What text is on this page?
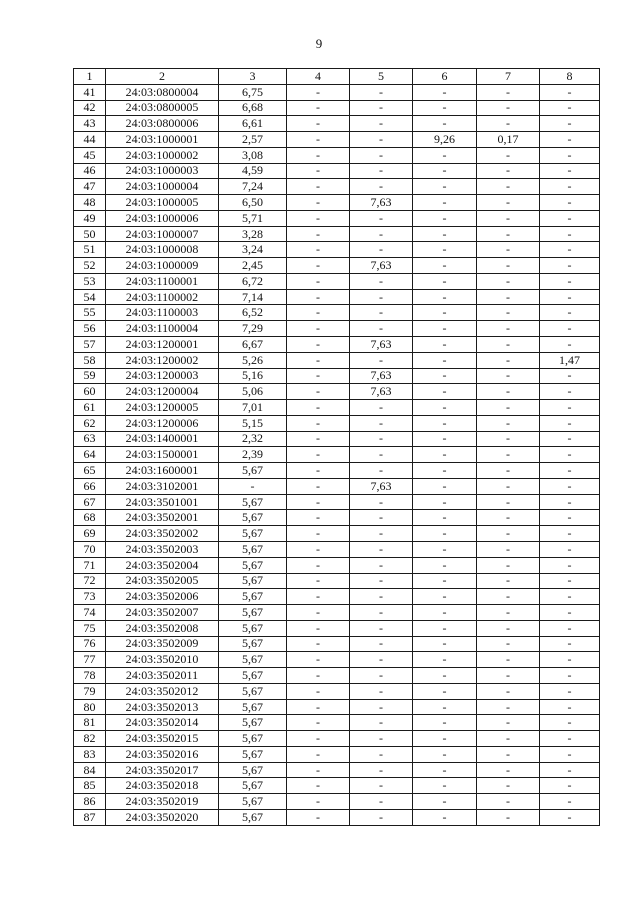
9
1	2	3	4	5	6	7	8
41	24:03:0800004	6,75	-	-	-	-	-
42	24:03:0800005	6,68	-	-	-	-	-
43	24:03:0800006	6,61	-	-	-	-	-
44	24:03:1000001	2,57	-	-	9,26	0,17	-
45	24:03:1000002	3,08	-	-	-	-	-
46	24:03:1000003	4,59	-	-	-	-	-
47	24:03:1000004	7,24	-	-	-	-	-
48	24:03:1000005	6,50	-	7,63	-	-	-
49	24:03:1000006	5,71	-	-	-	-	-
50	24:03:1000007	3,28	-	-	-	-	-
51	24:03:1000008	3,24	-	-	-	-	-
52	24:03:1000009	2,45	-	7,63	-	-	-
53	24:03:1100001	6,72	-	-	-	-	-
54	24:03:1100002	7,14	-	-	-	-	-
55	24:03:1100003	6,52	-	-	-	-	-
56	24:03:1100004	7,29	-	-	-	-	-
57	24:03:1200001	6,67	-	7,63	-	-	-
58	24:03:1200002	5,26	-	-	-	-	1,47
59	24:03:1200003	5,16	-	7,63	-	-	-
60	24:03:1200004	5,06	-	7,63	-	-	-
61	24:03:1200005	7,01	-	-	-	-	-
62	24:03:1200006	5,15	-	-	-	-	-
63	24:03:1400001	2,32	-	-	-	-	-
64	24:03:1500001	2,39	-	-	-	-	-
65	24:03:1600001	5,67	-	-	-	-	-
66	24:03:3102001	-	-	7,63	-	-	-
67	24:03:3501001	5,67	-	-	-	-	-
68	24:03:3502001	5,67	-	-	-	-	-
69	24:03:3502002	5,67	-	-	-	-	-
70	24:03:3502003	5,67	-	-	-	-	-
71	24:03:3502004	5,67	-	-	-	-	-
72	24:03:3502005	5,67	-	-	-	-	-
73	24:03:3502006	5,67	-	-	-	-	-
74	24:03:3502007	5,67	-	-	-	-	-
75	24:03:3502008	5,67	-	-	-	-	-
76	24:03:3502009	5,67	-	-	-	-	-
77	24:03:3502010	5,67	-	-	-	-	-
78	24:03:3502011	5,67	-	-	-	-	-
79	24:03:3502012	5,67	-	-	-	-	-
80	24:03:3502013	5,67	-	-	-	-	-
81	24:03:3502014	5,67	-	-	-	-	-
82	24:03:3502015	5,67	-	-	-	-	-
83	24:03:3502016	5,67	-	-	-	-	-
84	24:03:3502017	5,67	-	-	-	-	-
85	24:03:3502018	5,67	-	-	-	-	-
86	24:03:3502019	5,67	-	-	-	-	-
87	24:03:3502020	5,67	-	-	-	-	-
